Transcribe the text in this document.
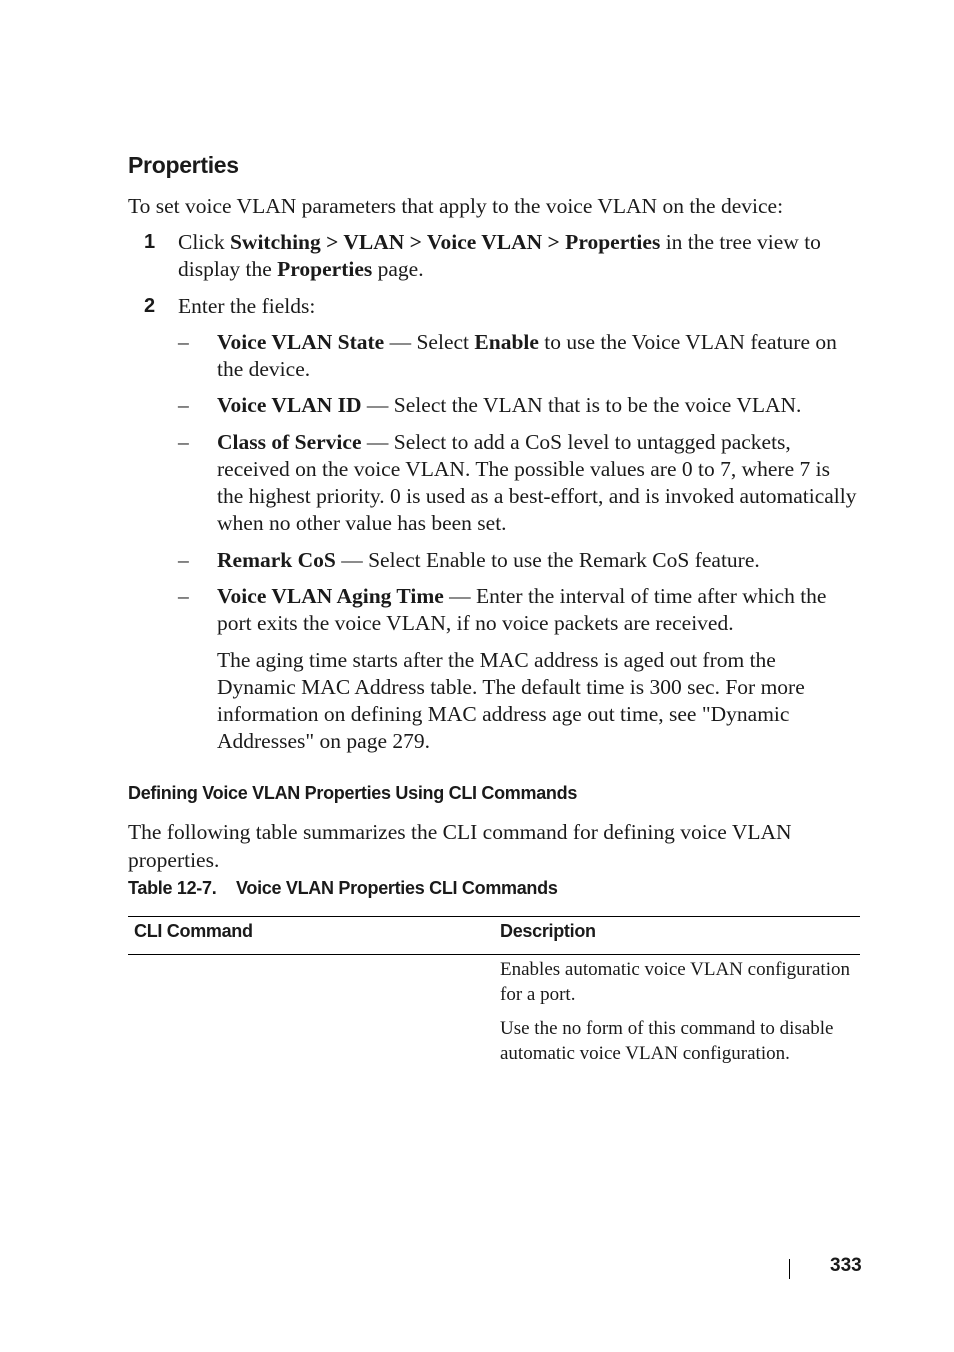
Properties

To set voice VLAN parameters that apply to the voice VLAN on the device:

1 Click Switching > VLAN > Voice VLAN > Properties in the tree view to display the Properties page.
2 Enter the fields:
– Voice VLAN State — Select Enable to use the Voice VLAN feature on the device.
– Voice VLAN ID — Select the VLAN that is to be the voice VLAN.
– Class of Service — Select to add a CoS level to untagged packets, received on the voice VLAN. The possible values are 0 to 7, where 7 is the highest priority. 0 is used as a best-effort, and is invoked automatically when no other value has been set.
– Remark CoS — Select Enable to use the Remark CoS feature.
– Voice VLAN Aging Time — Enter the interval of time after which the port exits the voice VLAN, if no voice packets are received.

The aging time starts after the MAC address is aged out from the Dynamic MAC Address table. The default time is 300 sec. For more information on defining MAC address age out time, see "Dynamic Addresses" on page 279.

Defining Voice VLAN Properties Using CLI Commands

The following table summarizes the CLI command for defining voice VLAN properties.

Table 12-7. Voice VLAN Properties CLI Commands
CLI Command	Description

Enables automatic voice VLAN configuration for a port.

Use the no form of this command to disable automatic voice VLAN configuration.

333
